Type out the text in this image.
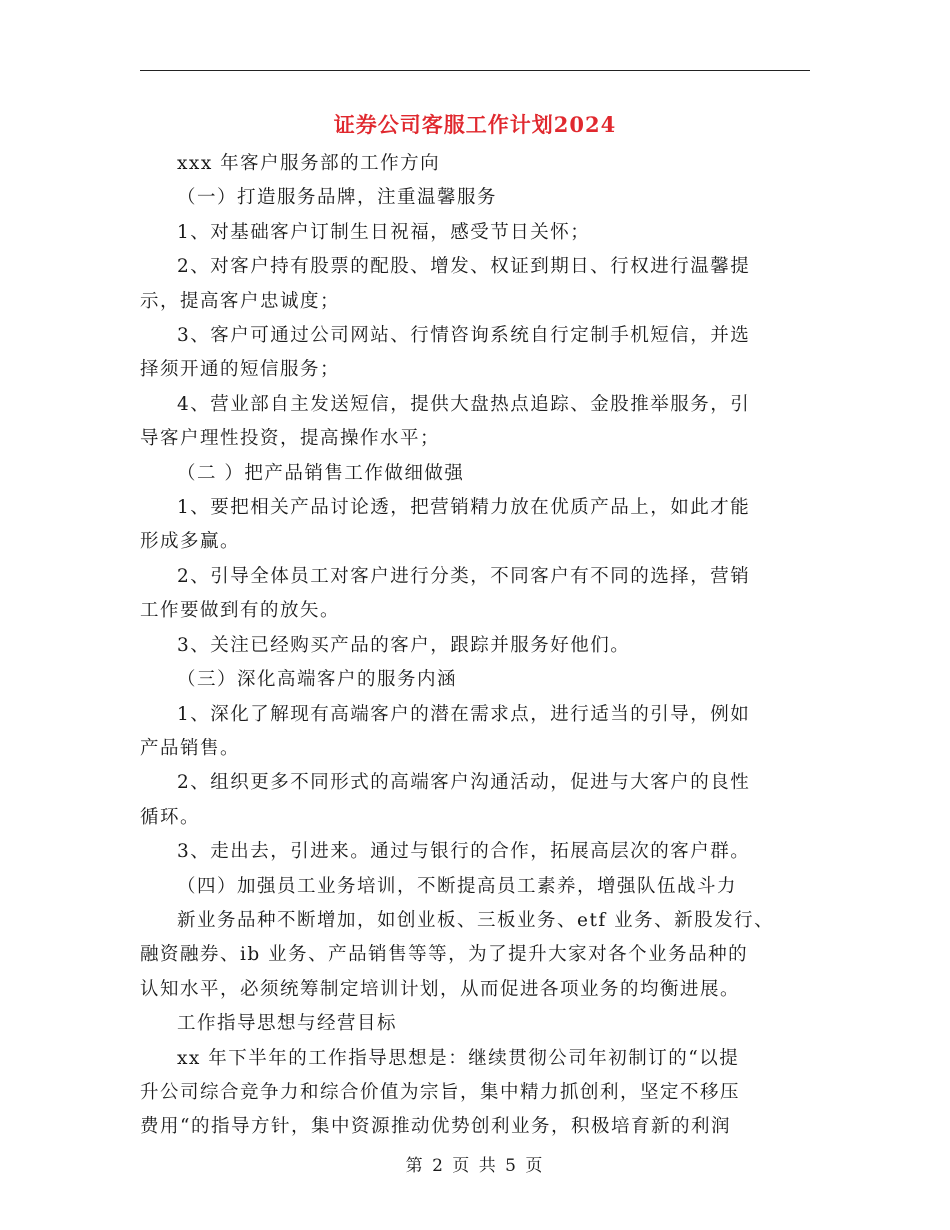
证券公司客服工作计划2024

xxx 年客户服务部的工作方向

（一）打造服务品牌，注重温馨服务

1、对基础客户订制生日祝福，感受节日关怀；

2、对客户持有股票的配股、增发、权证到期日、行权进行温馨提

示，提高客户忠诚度；

3、客户可通过公司网站、行情咨询系统自行定制手机短信，并选

择须开通的短信服务；

4、营业部自主发送短信，提供大盘热点追踪、金股推举服务，引

导客户理性投资，提高操作水平；

（二 ）把产品销售工作做细做强

1、要把相关产品讨论透，把营销精力放在优质产品上，如此才能

形成多赢。

2、引导全体员工对客户进行分类，不同客户有不同的选择，营销

工作要做到有的放矢。

3、关注已经购买产品的客户，跟踪并服务好他们。

（三）深化高端客户的服务内涵

1、深化了解现有高端客户的潜在需求点，进行适当的引导，例如

产品销售。

2、组织更多不同形式的高端客户沟通活动，促进与大客户的良性

循环。

3、走出去，引进来。通过与银行的合作，拓展高层次的客户群。

（四）加强员工业务培训，不断提高员工素养，增强队伍战斗力

新业务品种不断增加，如创业板、三板业务、etf 业务、新股发行、

融资融券、ib 业务、产品销售等等，为了提升大家对各个业务品种的

认知水平，必须统筹制定培训计划，从而促进各项业务的均衡进展。

工作指导思想与经营目标

xx 年下半年的工作指导思想是：继续贯彻公司年初制订的“以提

升公司综合竞争力和综合价值为宗旨，集中精力抓创利，坚定不移压

费用“的指导方针，集中资源推动优势创利业务，积极培育新的利润

第 2 页 共 5 页
